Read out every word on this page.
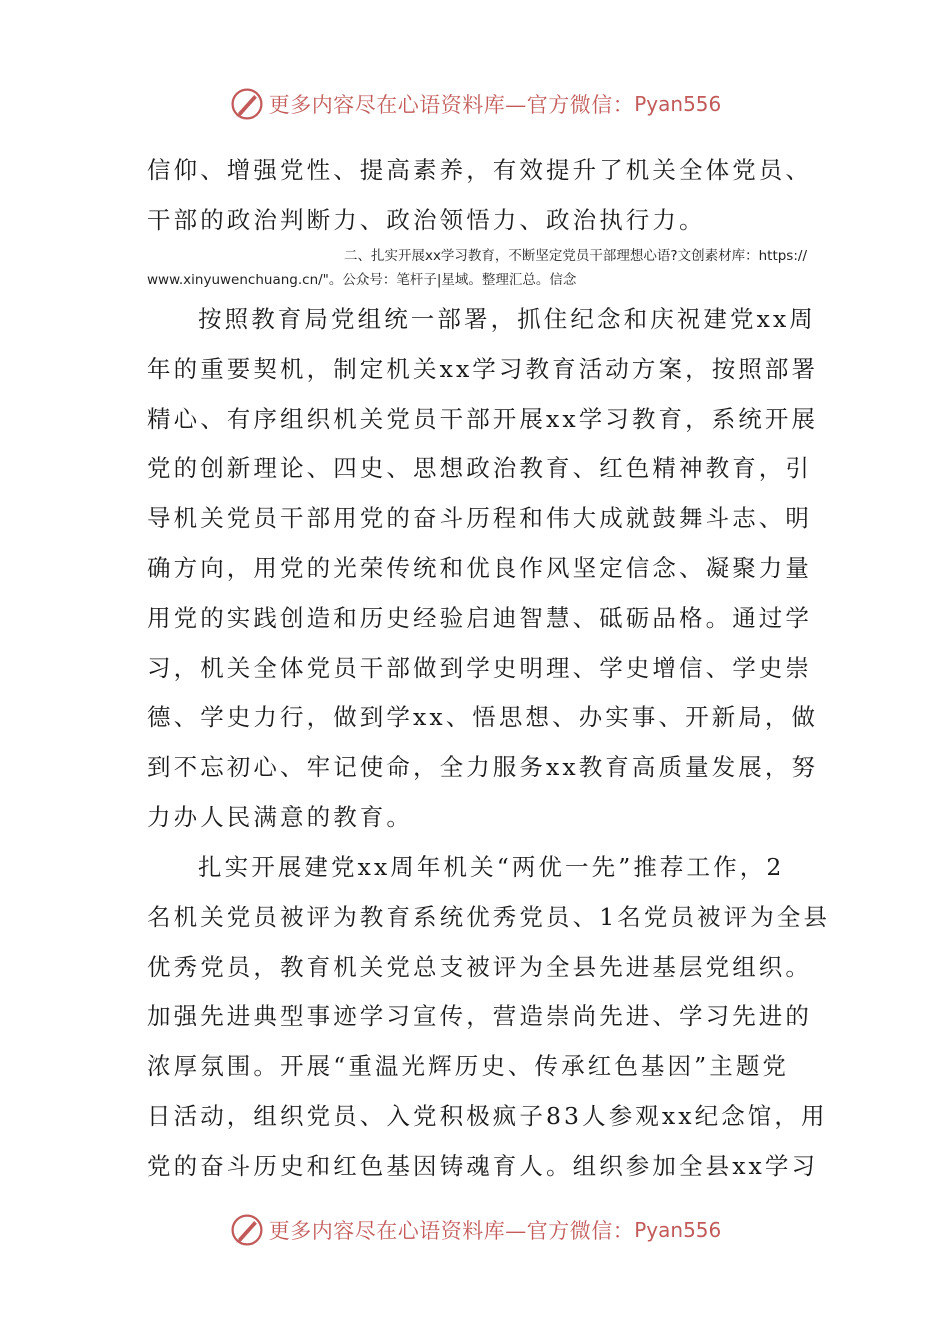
更多内容尽在心语资料库—官方微信： Pyan556
信仰、增强党性、提高素养，有效提升了机关全体党员、
干部的政治判断力、政治领悟力、政治执行力。
二、扎实开展xx学习教育，不断坚定党员干部理想心语?文创素材库：https://
www.xinyuwenchuang.cn/"。公众号：笔杆子|星域。整理汇总。信念
按照教育局党组统一部署，抓住纪念和庆祝建党xx周
年的重要契机，制定机关xx学习教育活动方案，按照部署
精心、有序组织机关党员干部开展xx学习教育，系统开展
党的创新理论、四史、思想政治教育、红色精神教育，引
导机关党员干部用党的奋斗历程和伟大成就鼓舞斗志、明
确方向，用党的光荣传统和优良作风坚定信念、凝聚力量
用党的实践创造和历史经验启迪智慧、砥砺品格。通过学
习，机关全体党员干部做到学史明理、学史增信、学史崇
德、学史力行，做到学xx、悟思想、办实事、开新局，做
到不忘初心、牢记使命，全力服务xx教育高质量发展，努
力办人民满意的教育。
扎实开展建党xx周年机关“两优一先”推荐工作，2
名机关党员被评为教育系统优秀党员、1名党员被评为全县
优秀党员，教育机关党总支被评为全县先进基层党组织。
加强先进典型事迹学习宣传，营造崇尚先进、学习先进的
浓厚氛围。开展“重温光辉历史、传承红色基因”主题党
日活动，组织党员、入党积极疯子83人参观xx纪念馆，用
党的奋斗历史和红色基因铸魂育人。组织参加全县xx学习
更多内容尽在心语资料库—官方微信： Pyan556
